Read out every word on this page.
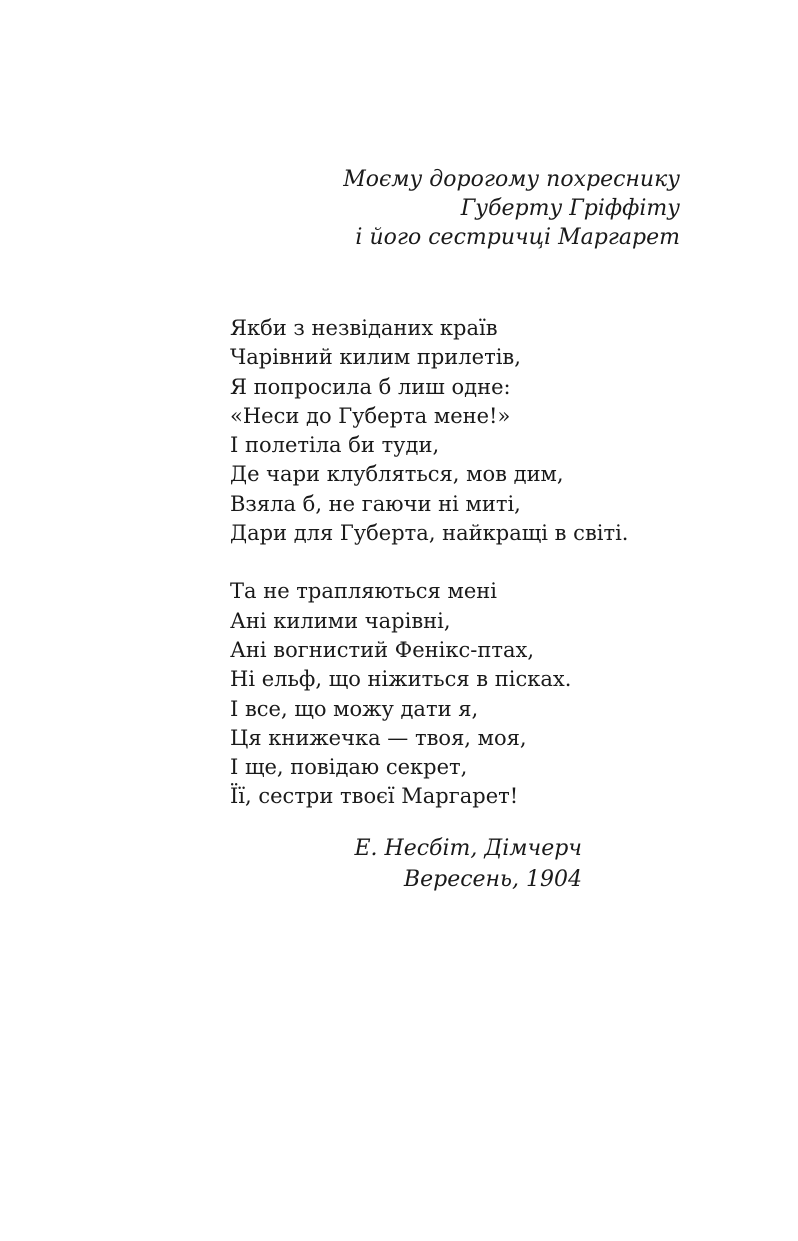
Моєму дорогому похреснику
Губерту Гріффіту
і його сестричці Маргарет

Якби з незвіданих країв
Чарівний килим прилетів,
Я попросила б лиш одне:
«Неси до Губерта мене!»
І полетіла би туди,
Де чари клубляться, мов дим,
Взяла б, не гаючи ні миті,
Дари для Губерта, найкращі в світі.

Та не трапляються мені
Ані килими чарівні,
Ані вогнистий Фенікс-птах,
Ні ельф, що ніжиться в пісках.
І все, що можу дати я,
Ця книжечка — твоя, моя,
І ще, повідаю секрет,
Її, сестри твоєї Маргарет!

Е. Несбіт, Дімчерч
Вересень, 1904
